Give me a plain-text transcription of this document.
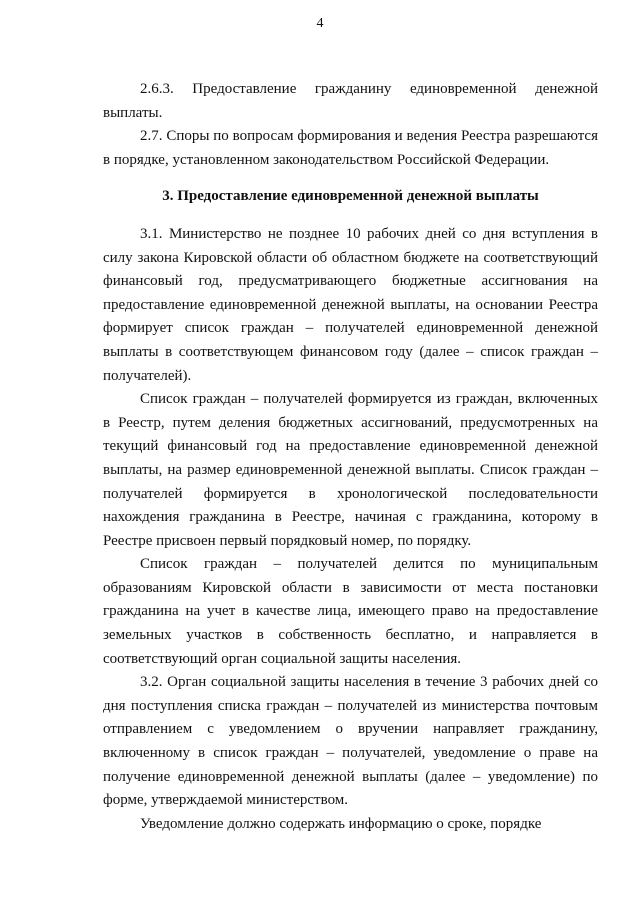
4

2.6.3. Предоставление гражданину единовременной денежной выплаты.

2.7. Споры по вопросам формирования и ведения Реестра разрешаются в порядке, установленном законодательством Российской Федерации.

3. Предоставление единовременной денежной выплаты

3.1. Министерство не позднее 10 рабочих дней со дня вступления в силу закона Кировской области об областном бюджете на соответствующий финансовый год, предусматривающего бюджетные ассигнования на предоставление единовременной денежной выплаты, на основании Реестра формирует список граждан – получателей единовременной денежной выплаты в соответствующем финансовом году (далее – список граждан – получателей).

Список граждан – получателей формируется из граждан, включенных в Реестр, путем деления бюджетных ассигнований, предусмотренных на текущий финансовый год на предоставление единовременной денежной выплаты, на размер единовременной денежной выплаты. Список граждан – получателей формируется в хронологической последовательности нахождения гражданина в Реестре, начиная с гражданина, которому в Реестре присвоен первый порядковый номер, по порядку.

Список граждан – получателей делится по муниципальным образованиям Кировской области в зависимости от места постановки гражданина на учет в качестве лица, имеющего право на предоставление земельных участков в собственность бесплатно, и направляется в соответствующий орган социальной защиты населения.

3.2. Орган социальной защиты населения в течение 3 рабочих дней со дня поступления списка граждан – получателей из министерства почтовым отправлением с уведомлением о вручении направляет гражданину, включенному в список граждан – получателей, уведомление о праве на получение единовременной денежной выплаты (далее – уведомление) по форме, утверждаемой министерством.

Уведомление должно содержать информацию о сроке, порядке
